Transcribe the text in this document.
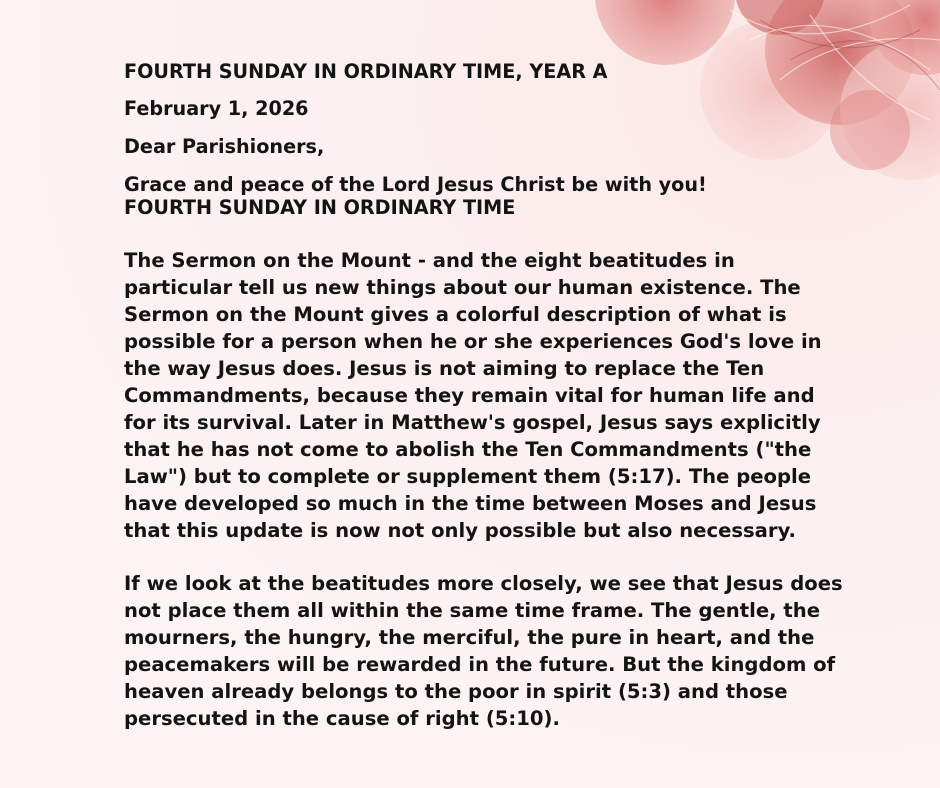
FOURTH SUNDAY IN ORDINARY TIME, YEAR A
February 1, 2026
Dear Parishioners,
Grace and peace of the Lord Jesus Christ be with you!
FOURTH SUNDAY IN ORDINARY TIME
The Sermon on the Mount - and the eight beatitudes in
particular tell us new things about our human existence. The
Sermon on the Mount gives a colorful description of what is
possible for a person when he or she experiences God's love in
the way Jesus does. Jesus is not aiming to replace the Ten
Commandments, because they remain vital for human life and
for its survival. Later in Matthew's gospel, Jesus says explicitly
that he has not come to abolish the Ten Commandments ("the
Law") but to complete or supplement them (5:17). The people
have developed so much in the time between Moses and Jesus
that this update is now not only possible but also necessary.
If we look at the beatitudes more closely, we see that Jesus does
not place them all within the same time frame. The gentle, the
mourners, the hungry, the merciful, the pure in heart, and the
peacemakers will be rewarded in the future. But the kingdom of
heaven already belongs to the poor in spirit (5:3) and those
persecuted in the cause of right (5:10).
